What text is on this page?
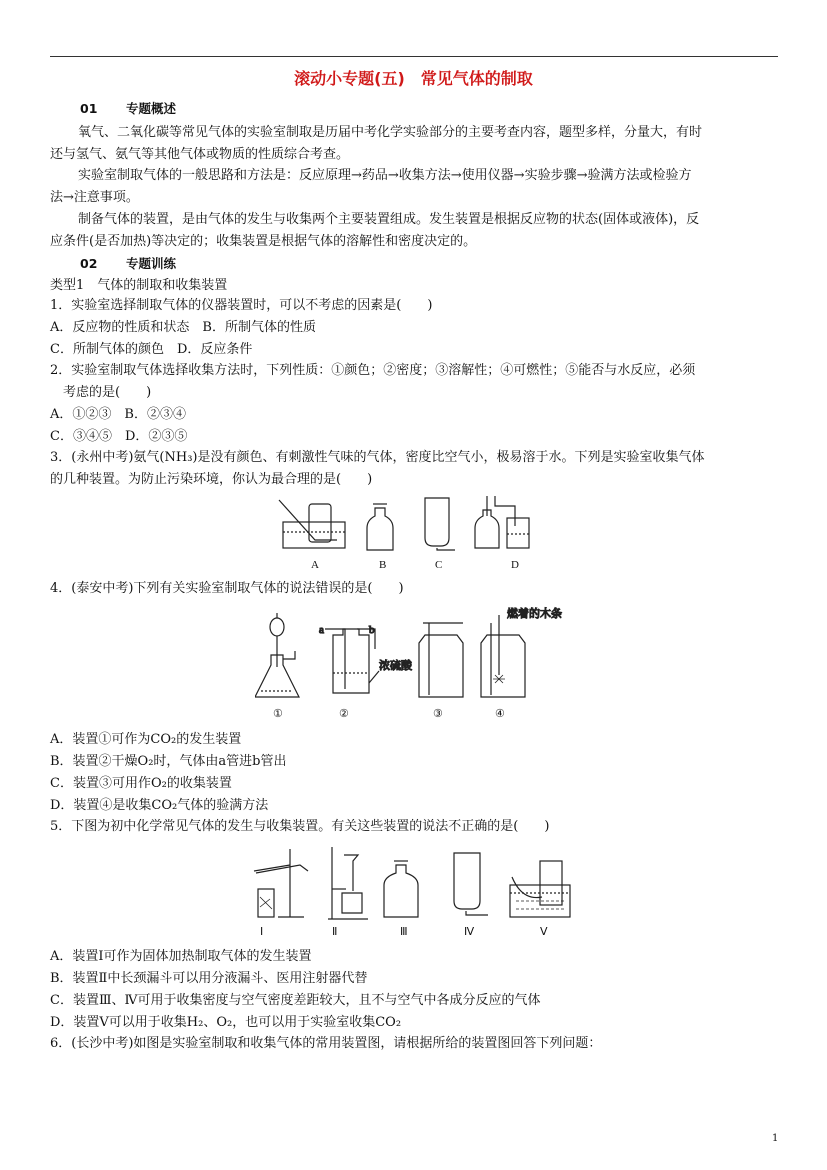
滚动小专题(五)　常见气体的制取
01 专题概述
氧气、二氧化碳等常见气体的实验室制取是历届中考化学实验部分的主要考查内容，题型多样，分量大，有时
还与氢气、氨气等其他气体或物质的性质综合考查。
实验室制取气体的一般思路和方法是：反应原理→药品→收集方法→使用仪器→实验步骤→验满方法或检验方
法→注意事项。
制备气体的装置，是由气体的发生与收集两个主要装置组成。发生装置是根据反应物的状态(固体或液体)，反
应条件(是否加热)等决定的；收集装置是根据气体的溶解性和密度决定的。
02 专题训练
类型1　气体的制取和收集装置
1．实验室选择制取气体的仪器装置时，可以不考虑的因素是(　　)
A．反应物的性质和状态　B．所制气体的性质
C．所制气体的颜色　D．反应条件
2．实验室制取气体选择收集方法时，下列性质：①颜色；②密度；③溶解性；④可燃性；⑤能否与水反应，必须
　考虑的是(　　)
A．①②③　B．②③④
C．③④⑤　D．②③⑤
3．(永州中考)氨气(NH₃)是没有颜色、有刺激性气味的气体，密度比空气小，极易溶于水。下列是实验室收集气体
的几种装置。为防止污染环境，你认为最合理的是(　　)
A	B	C	D
4．(泰安中考)下列有关实验室制取气体的说法错误的是(　　)
a	b
浓硫酸
燃着的木条
①	②	③	④
A．装置①可作为CO₂的发生装置
B．装置②干燥O₂时，气体由a管进b管出
C．装置③可用作O₂的收集装置
D．装置④是收集CO₂气体的验满方法
5．下图为初中化学常见气体的发生与收集装置。有关这些装置的说法不正确的是(　　)
Ⅰ	Ⅱ	Ⅲ	Ⅳ	Ⅴ
A．装置Ⅰ可作为固体加热制取气体的发生装置
B．装置Ⅱ中长颈漏斗可以用分液漏斗、医用注射器代替
C．装置Ⅲ、Ⅳ可用于收集密度与空气密度差距较大，且不与空气中各成分反应的气体
D．装置Ⅴ可以用于收集H₂、O₂，也可以用于实验室收集CO₂
6．(长沙中考)如图是实验室制取和收集气体的常用装置图，请根据所给的装置图回答下列问题：
1
